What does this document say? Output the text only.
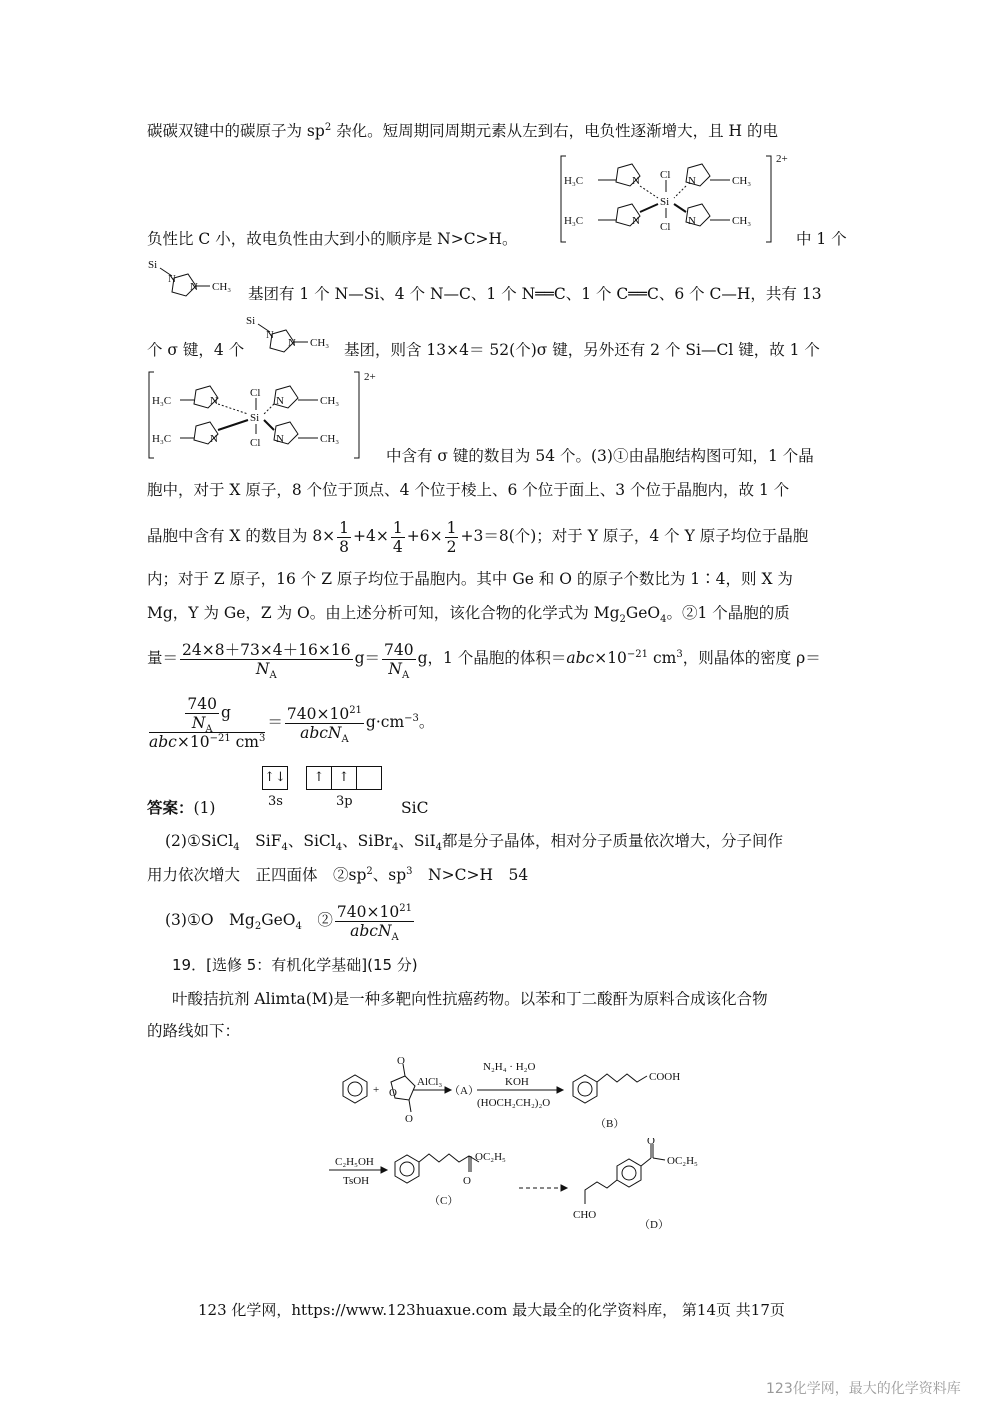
碳碳双键中的碳原子为 $sp^2$ 杂化。短周期同周期元素从左到右，电负性逐渐增大，且 H 的电
H₃C	CH₃
H₃C	CH₃
Cl
Si
Cl
N	N
N	N
2+
负性比 C 小，故电负性由大到小的顺序是 N>C>H。	中 1 个
Si
N
N CH₃ 基团有 1 个 N—Si、4 个 N—C、1 个 N══C、1 个 C══C、6 个 C—H，共有 13
个 σ 键，4 个
Si
N
N CH₃ 基团，则含 13×4＝ 52(个)σ 键，另外还有 2 个 Si—Cl 键，故 1 个
H₃C	CH₃
H₃C	CH₃
Cl
Si
Cl
N	N
N	N
2+
中含有 σ 键的数目为 54 个。(3)①由晶胞结构图可知，1 个晶
胞中，对于 X 原子，8 个位于顶点、4 个位于棱上、6 个位于面上、3 个位于晶胞内，故 1 个
晶胞中含有 X 的数目为 $8\times \frac{1}{8} +4\times \frac{1}{4} +6\times \frac{1}{2} +3=8$(个)；对于 Y 原子，4 个 Y 原子均位于晶胞
内；对于 Z 原子，16 个 Z 原子均位于晶胞内。其中 Ge 和 O 的原子个数比为 1∶4，则 X 为
Mg，Y 为 Ge，Z 为 O。由上述分析可知，该化合物的化学式为 $Mg_2GeO_4$。②1 个晶胞的质
量＝ $\frac{24\times 8+73\times 4+16\times 16}{N_A} g= \frac{740}{N_A}$ g，1 个晶胞的体积$=abc\times 10^{-21}$ $cm^3$，则晶体的密度 ρ＝
$\frac{\frac{740}{N_A} g}{abc\times 10^{-21} cm^3} = \frac{740\times 10^{21}}{abcN_A} g\cdot cm^{-3}$。
↑↓	↑ ↑
答案：(1)	3s	3p	SiC
(2)①SiCl$_4$　 SiF$_4$、SiCl$_4$、SiBr$_4$、SiI$_4$都是分子晶体，相对分子质量依次增大，分子间作
用力依次增大　正四面体　$②sp^2$、$sp^3$　 N>C>H　54
(3)①O　$Mg_2GeO_4$　 ② $\frac{740\times 10^{21}}{abcN_A}$
19．[选修 5：有机化学基础](15 分)
叶酸拮抗剂 Alimta(M)是一种多靶向性抗癌药物。以苯和丁二酸酐为原料合成该化合物
的路线如下：
+
O
O
O
AlCl₃
（A）
N₂H₄ · H₂O
KOH
(HOCH₂CH₂)₂O
COOH
（B）
C₂H₅OH
TsOH
OC₂H₅
O
（C）
O
OC₂H₅
CHO
（D）
123 化学网，https://www.123huaxue.com 最大最全的化学资料库， 第14页 共17页
123化学网，最大的化学资料库
